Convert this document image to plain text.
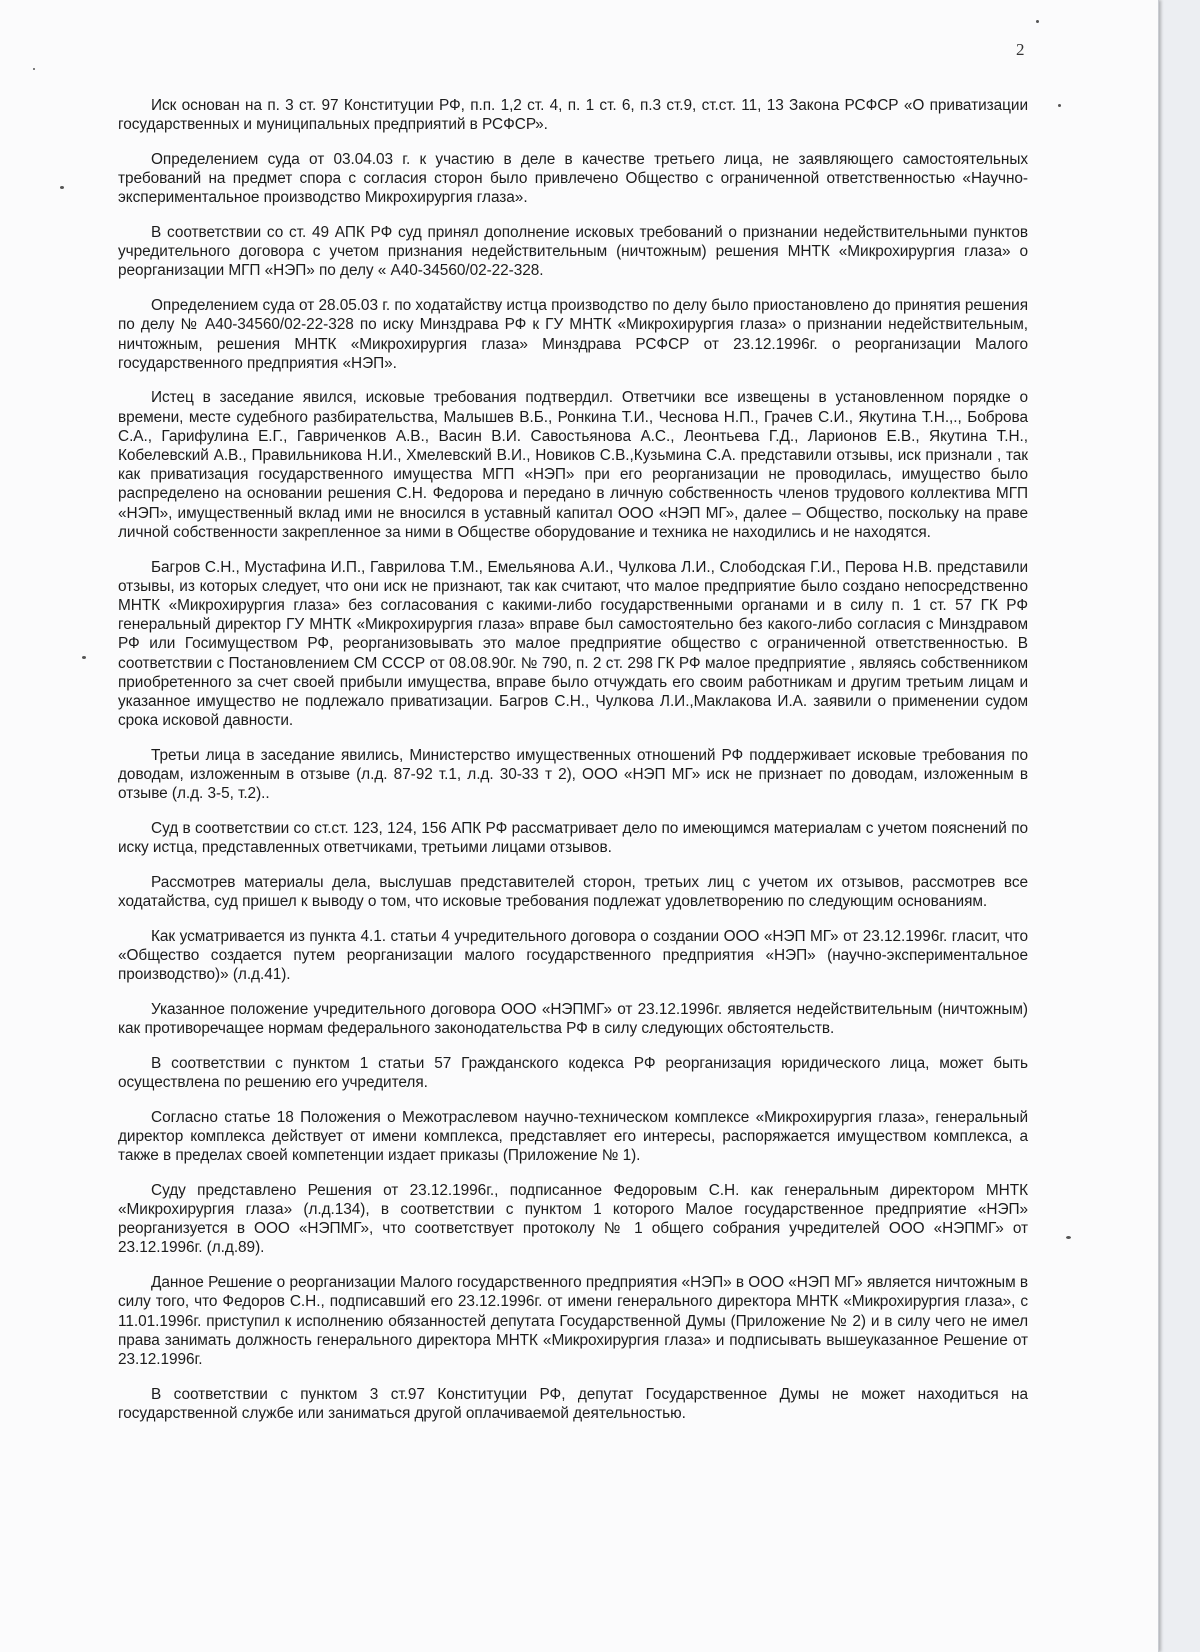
2

Иск основан на п. 3 ст. 97 Конституции РФ, п.п. 1,2 ст. 4, п. 1 ст. 6, п.3 ст.9, ст.ст. 11, 13 Закона РСФСР «О приватизации государственных и муниципальных предприятий в РСФСР».

Определением суда от 03.04.03 г. к участию в деле в качестве третьего лица, не заявляющего самостоятельных требований на предмет спора с согласия сторон было привлечено Общество с ограниченной ответственностью «Научно-экспериментальное производство Микрохирургия глаза».

В соответствии со ст. 49 АПК РФ суд принял дополнение исковых требований о признании недействительными пунктов учредительного договора с учетом признания недействительным (ничтожным) решения МНТК «Микрохирургия глаза» о реорганизации МГП «НЭП» по делу « А40-34560/02-22-328.

Определением суда от 28.05.03 г. по ходатайству истца производство по делу было приостановлено до принятия решения по делу № А40-34560/02-22-328 по иску Минздрава РФ к ГУ МНТК «Микрохирургия глаза» о признании недействительным, ничтожным, решения МНТК «Микрохирургия глаза» Минздрава РСФСР от 23.12.1996г. о реорганизации Малого государственного предприятия «НЭП».

Истец в заседание явился, исковые требования подтвердил. Ответчики все извещены в установленном порядке о времени, месте судебного разбирательства, Малышев В.Б., Ронкина Т.И., Чеснова Н.П., Грачев С.И., Якутина Т.Н.,., Боброва С.А., Гарифулина Е.Г., Гавриченков А.В., Васин В.И. Савостьянова А.С., Леонтьева Г.Д., Ларионов Е.В., Якутина Т.Н., Кобелевский А.В., Правильникова Н.И., Хмелевский В.И., Новиков С.В.,Кузьмина С.А. представили отзывы, иск признали , так как приватизация государственного имущества МГП «НЭП» при его реорганизации не проводилась, имущество было распределено на основании решения С.Н. Федорова и передано в личную собственность членов трудового коллектива МГП «НЭП», имущественный вклад ими не вносился в уставный капитал ООО «НЭП МГ», далее – Общество, поскольку на праве личной собственности закрепленное за ними в Обществе оборудование и техника не находились и не находятся.

Багров С.Н., Мустафина И.П., Гаврилова Т.М., Емельянова А.И., Чулкова Л.И., Слободская Г.И., Перова Н.В. представили отзывы, из которых следует, что они иск не признают, так как считают, что малое предприятие было создано непосредственно МНТК «Микрохирургия глаза» без согласования с какими-либо государственными органами и в силу п. 1 ст. 57 ГК РФ генеральный директор ГУ МНТК «Микрохирургия глаза» вправе был самостоятельно без какого-либо согласия с Минздравом РФ или Госимуществом РФ, реорганизовывать это малое предприятие общество с ограниченной ответственностью. В соответствии с Постановлением СМ СССР от 08.08.90г. № 790, п. 2 ст. 298 ГК РФ малое предприятие , являясь собственником приобретенного за счет своей прибыли имущества, вправе было отчуждать его своим работникам и другим третьим лицам и указанное имущество не подлежало приватизации. Багров С.Н., Чулкова Л.И.,Маклакова И.А. заявили о применении судом срока исковой давности.

Третьи лица в заседание явились, Министерство имущественных отношений РФ поддерживает исковые требования по доводам, изложенным в отзыве (л.д. 87-92 т.1, л.д. 30-33 т 2), ООО «НЭП МГ» иск не признает по доводам, изложенным в отзыве (л.д. 3-5, т.2)..

Суд в соответствии со ст.ст. 123, 124, 156 АПК РФ рассматривает дело по имеющимся материалам с учетом пояснений по иску истца, представленных ответчиками, третьими лицами отзывов.

Рассмотрев материалы дела, выслушав представителей сторон, третьих лиц с учетом их отзывов, рассмотрев все ходатайства, суд пришел к выводу о том, что исковые требования подлежат удовлетворению по следующим основаниям.

Как усматривается из пункта 4.1. статьи 4 учредительного договора о создании ООО «НЭП МГ» от 23.12.1996г. гласит, что «Общество создается путем реорганизации малого государственного предприятия «НЭП» (научно-экспериментальное производство)» (л.д.41).

Указанное положение учредительного договора ООО «НЭПМГ» от 23.12.1996г. является недействительным (ничтожным) как противоречащее нормам федерального законодательства РФ в силу следующих обстоятельств.

В соответствии с пунктом 1 статьи 57 Гражданского кодекса РФ реорганизация юридического лица, может быть осуществлена по решению его учредителя.

Согласно статье 18 Положения о Межотраслевом научно-техническом комплексе «Микрохирургия глаза», генеральный директор комплекса действует от имени комплекса, представляет его интересы, распоряжается имуществом комплекса, а также в пределах своей компетенции издает приказы (Приложение № 1).

Суду представлено Решения от 23.12.1996г., подписанное Федоровым С.Н. как генеральным директором МНТК «Микрохирургия глаза» (л.д.134), в соответствии с пунктом 1 которого Малое государственное предприятие «НЭП» реорганизуется в ООО «НЭПМГ», что соответствует протоколу № 1 общего собрания учредителей ООО «НЭПМГ» от 23.12.1996г. (л.д.89).

Данное Решение о реорганизации Малого государственного предприятия «НЭП» в ООО «НЭП МГ» является ничтожным в силу того, что Федоров С.Н., подписавший его 23.12.1996г. от имени генерального директора МНТК «Микрохирургия глаза», с 11.01.1996г. приступил к исполнению обязанностей депутата Государственной Думы (Приложение № 2) и в силу чего не имел права занимать должность генерального директора МНТК «Микрохирургия глаза» и подписывать вышеуказанное Решение от 23.12.1996г.

В соответствии с пунктом 3 ст.97 Конституции РФ, депутат Государственное Думы не может находиться на государственной службе или заниматься другой оплачиваемой деятельностью.
